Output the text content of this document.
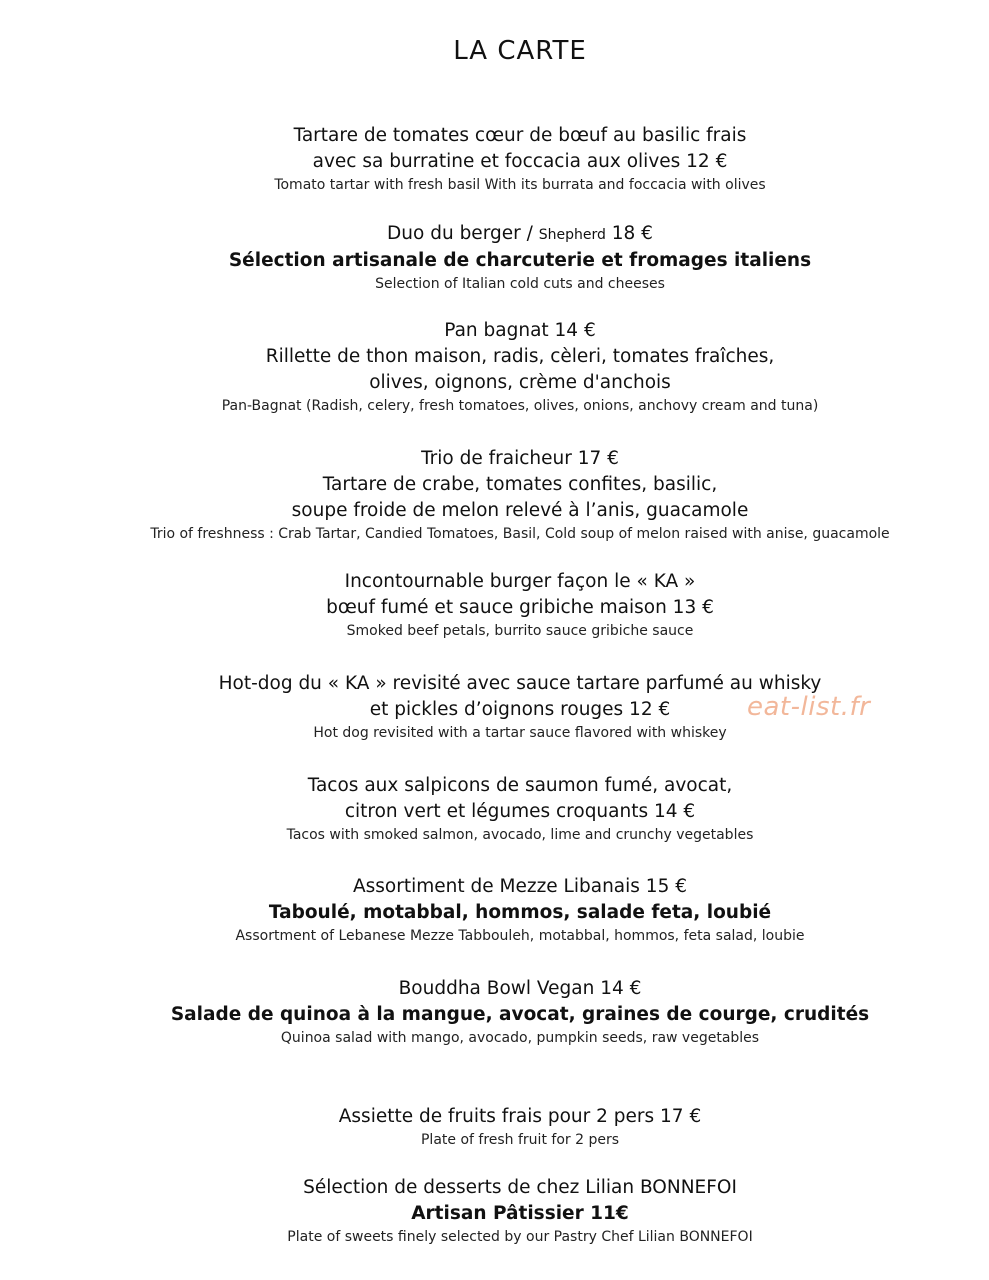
LA CARTE
Tartare de tomates cœur de bœuf au basilic frais
avec sa burratine et foccacia aux olives 12 €
Tomato tartar with fresh basil With its burrata and foccacia with olives
Duo du berger / Shepherd 18 €
Sélection artisanale de charcuterie et fromages italiens
Selection of Italian cold cuts and cheeses
Pan bagnat 14 €
Rillette de thon maison, radis, cèleri, tomates fraîches,
olives, oignons, crème d'anchois
Pan-Bagnat (Radish, celery, fresh tomatoes, olives, onions, anchovy cream and tuna)
Trio de fraicheur 17 €
Tartare de crabe, tomates confites, basilic,
soupe froide de melon relevé à l’anis, guacamole
Trio of freshness : Crab Tartar, Candied Tomatoes, Basil, Cold soup of melon raised with anise, guacamole
Incontournable burger façon le « KA »
bœuf fumé et sauce gribiche maison 13 €
Smoked beef petals, burrito sauce gribiche sauce
Hot-dog du « KA » revisité avec sauce tartare parfumé au whisky
et pickles d’oignons rouges 12 €
Hot dog revisited with a tartar sauce flavored with whiskey
Tacos aux salpicons de saumon fumé, avocat,
citron vert et légumes croquants 14 €
Tacos with smoked salmon, avocado, lime and crunchy vegetables
Assortiment de Mezze Libanais 15 €
Taboulé, motabbal, hommos, salade feta, loubié
Assortment of Lebanese Mezze Tabbouleh, motabbal, hommos, feta salad, loubie
Bouddha Bowl Vegan 14 €
Salade de quinoa à la mangue, avocat, graines de courge, crudités
Quinoa salad with mango, avocado, pumpkin seeds, raw vegetables
Assiette de fruits frais pour 2 pers 17 €
Plate of fresh fruit for 2 pers
Sélection de desserts de chez Lilian BONNEFOI
Artisan Pâtissier 11€
Plate of sweets finely selected by our Pastry Chef Lilian BONNEFOI
eat-list.fr
